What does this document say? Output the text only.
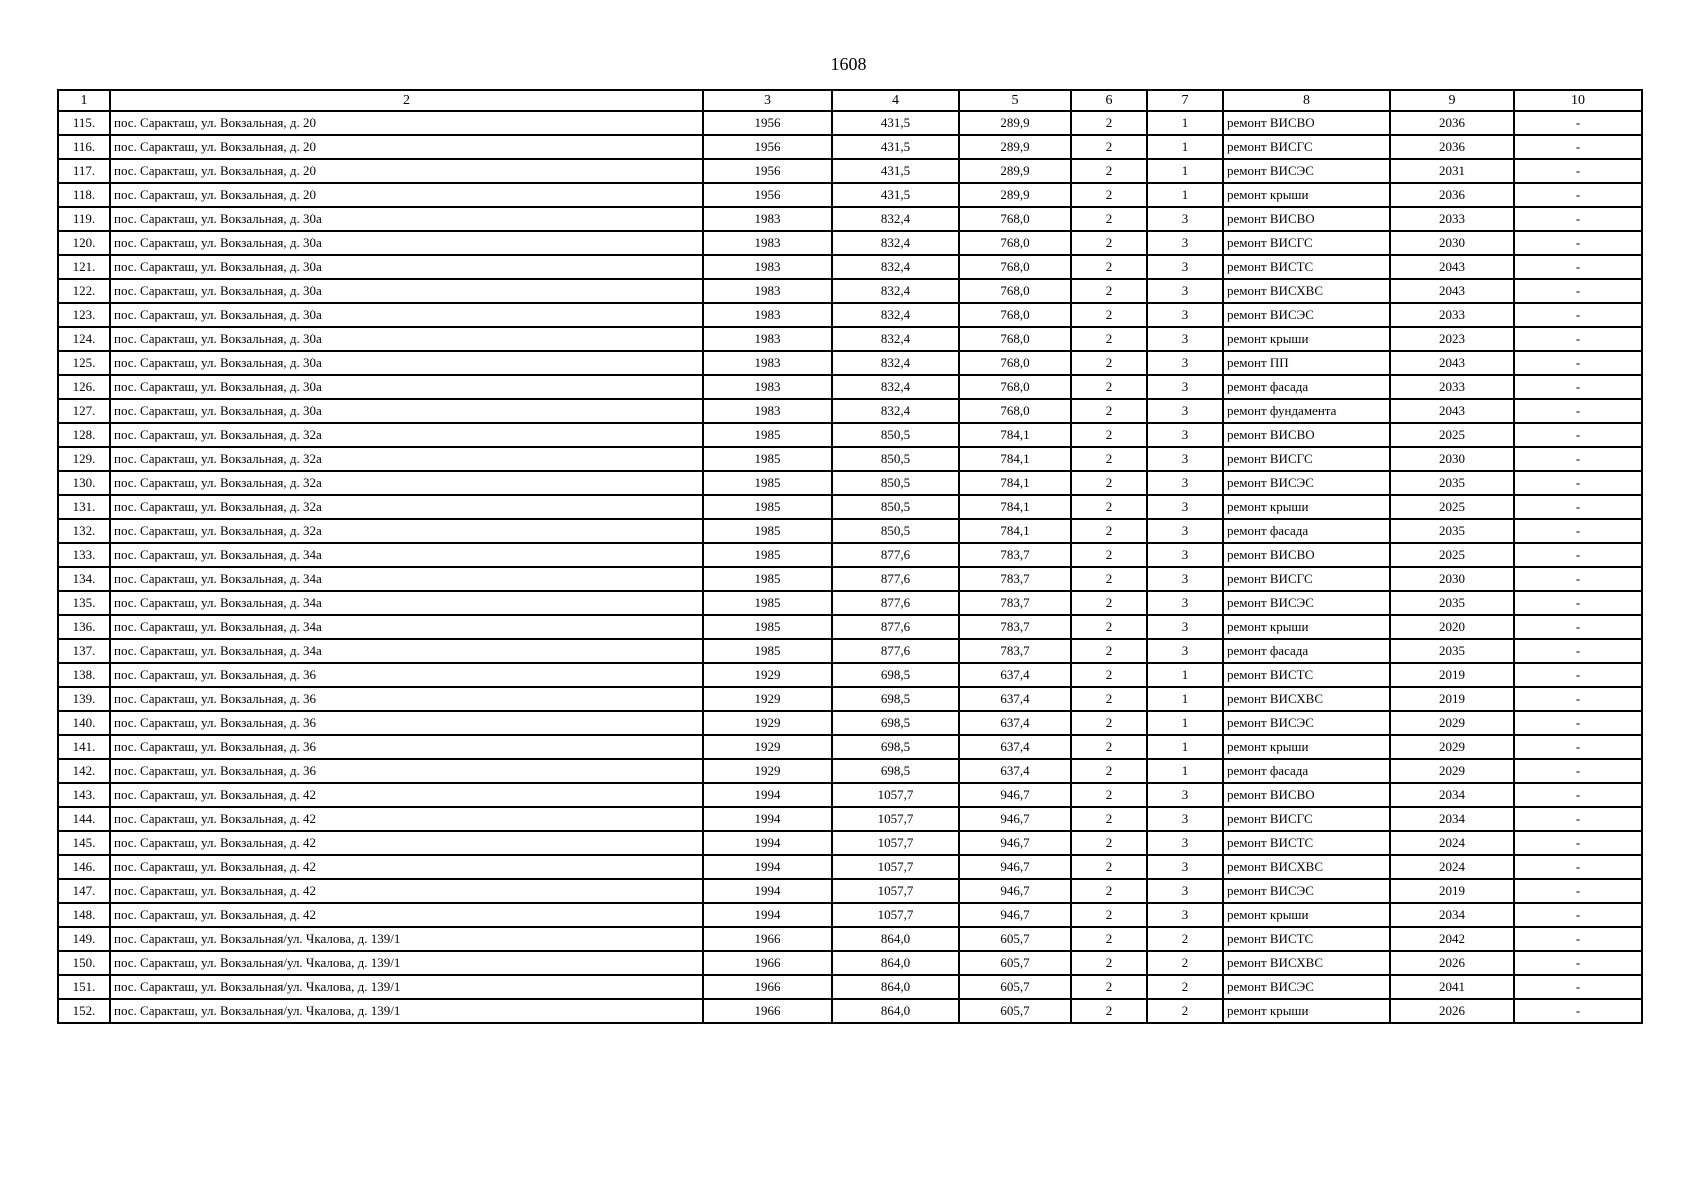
1608
1	2	3	4	5	6	7	8	9	10
115.	пос. Саракташ, ул. Вокзальная, д. 20	1956	431,5	289,9	2	1	ремонт ВИСВО	2036	-
116.	пос. Саракташ, ул. Вокзальная, д. 20	1956	431,5	289,9	2	1	ремонт ВИСГС	2036	-
117.	пос. Саракташ, ул. Вокзальная, д. 20	1956	431,5	289,9	2	1	ремонт ВИСЭС	2031	-
118.	пос. Саракташ, ул. Вокзальная, д. 20	1956	431,5	289,9	2	1	ремонт крыши	2036	-
119.	пос. Саракташ, ул. Вокзальная, д. 30а	1983	832,4	768,0	2	3	ремонт ВИСВО	2033	-
120.	пос. Саракташ, ул. Вокзальная, д. 30а	1983	832,4	768,0	2	3	ремонт ВИСГС	2030	-
121.	пос. Саракташ, ул. Вокзальная, д. 30а	1983	832,4	768,0	2	3	ремонт ВИСТС	2043	-
122.	пос. Саракташ, ул. Вокзальная, д. 30а	1983	832,4	768,0	2	3	ремонт ВИСХВС	2043	-
123.	пос. Саракташ, ул. Вокзальная, д. 30а	1983	832,4	768,0	2	3	ремонт ВИСЭС	2033	-
124.	пос. Саракташ, ул. Вокзальная, д. 30а	1983	832,4	768,0	2	3	ремонт крыши	2023	-
125.	пос. Саракташ, ул. Вокзальная, д. 30а	1983	832,4	768,0	2	3	ремонт ПП	2043	-
126.	пос. Саракташ, ул. Вокзальная, д. 30а	1983	832,4	768,0	2	3	ремонт фасада	2033	-
127.	пос. Саракташ, ул. Вокзальная, д. 30а	1983	832,4	768,0	2	3	ремонт фундамента	2043	-
128.	пос. Саракташ, ул. Вокзальная, д. 32а	1985	850,5	784,1	2	3	ремонт ВИСВО	2025	-
129.	пос. Саракташ, ул. Вокзальная, д. 32а	1985	850,5	784,1	2	3	ремонт ВИСГС	2030	-
130.	пос. Саракташ, ул. Вокзальная, д. 32а	1985	850,5	784,1	2	3	ремонт ВИСЭС	2035	-
131.	пос. Саракташ, ул. Вокзальная, д. 32а	1985	850,5	784,1	2	3	ремонт крыши	2025	-
132.	пос. Саракташ, ул. Вокзальная, д. 32а	1985	850,5	784,1	2	3	ремонт фасада	2035	-
133.	пос. Саракташ, ул. Вокзальная, д. 34а	1985	877,6	783,7	2	3	ремонт ВИСВО	2025	-
134.	пос. Саракташ, ул. Вокзальная, д. 34а	1985	877,6	783,7	2	3	ремонт ВИСГС	2030	-
135.	пос. Саракташ, ул. Вокзальная, д. 34а	1985	877,6	783,7	2	3	ремонт ВИСЭС	2035	-
136.	пос. Саракташ, ул. Вокзальная, д. 34а	1985	877,6	783,7	2	3	ремонт крыши	2020	-
137.	пос. Саракташ, ул. Вокзальная, д. 34а	1985	877,6	783,7	2	3	ремонт фасада	2035	-
138.	пос. Саракташ, ул. Вокзальная, д. 36	1929	698,5	637,4	2	1	ремонт ВИСТС	2019	-
139.	пос. Саракташ, ул. Вокзальная, д. 36	1929	698,5	637,4	2	1	ремонт ВИСХВС	2019	-
140.	пос. Саракташ, ул. Вокзальная, д. 36	1929	698,5	637,4	2	1	ремонт ВИСЭС	2029	-
141.	пос. Саракташ, ул. Вокзальная, д. 36	1929	698,5	637,4	2	1	ремонт крыши	2029	-
142.	пос. Саракташ, ул. Вокзальная, д. 36	1929	698,5	637,4	2	1	ремонт фасада	2029	-
143.	пос. Саракташ, ул. Вокзальная, д. 42	1994	1057,7	946,7	2	3	ремонт ВИСВО	2034	-
144.	пос. Саракташ, ул. Вокзальная, д. 42	1994	1057,7	946,7	2	3	ремонт ВИСГС	2034	-
145.	пос. Саракташ, ул. Вокзальная, д. 42	1994	1057,7	946,7	2	3	ремонт ВИСТС	2024	-
146.	пос. Саракташ, ул. Вокзальная, д. 42	1994	1057,7	946,7	2	3	ремонт ВИСХВС	2024	-
147.	пос. Саракташ, ул. Вокзальная, д. 42	1994	1057,7	946,7	2	3	ремонт ВИСЭС	2019	-
148.	пос. Саракташ, ул. Вокзальная, д. 42	1994	1057,7	946,7	2	3	ремонт крыши	2034	-
149.	пос. Саракташ, ул. Вокзальная/ул. Чкалова, д. 139/1	1966	864,0	605,7	2	2	ремонт ВИСТС	2042	-
150.	пос. Саракташ, ул. Вокзальная/ул. Чкалова, д. 139/1	1966	864,0	605,7	2	2	ремонт ВИСХВС	2026	-
151.	пос. Саракташ, ул. Вокзальная/ул. Чкалова, д. 139/1	1966	864,0	605,7	2	2	ремонт ВИСЭС	2041	-
152.	пос. Саракташ, ул. Вокзальная/ул. Чкалова, д. 139/1	1966	864,0	605,7	2	2	ремонт крыши	2026	-
